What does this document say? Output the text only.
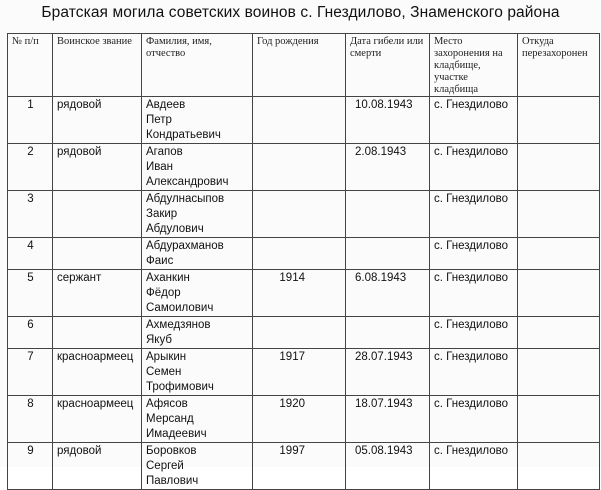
Братская могила советских воинов с. Гнездилово, Знаменского района
№ п/п	Воинское звание	Фамилия, имя, отчество	Год рождения	Дата гибели или смерти	Место захоронения на кладбище, участке кладбища	Откуда перезахоронен
1	рядовой	Авдеев
Петр
Кондратьевич		10.08.1943	с. Гнездилово	
2	рядовой	Агапов
Иван
Александрович		2.08.1943	с. Гнездилово	
3		Абдулнасыпов
Закир
Абдулович			с. Гнездилово	
4		Абдурахманов
Фаис			с. Гнездилово	
5	сержант	Аханкин
Фёдор
Самоилович	1914	6.08.1943	с. Гнездилово	
6		Ахмедзянов
Якуб			с. Гнездилово	
7	красноармеец	Арыкин
Семен
Трофимович	1917	28.07.1943	с. Гнездилово	
8	красноармеец	Афясов
Мерсанд
Имадеевич	1920	18.07.1943	с. Гнездилово	
9	рядовой	Боровков
Сергей
Павлович	1997	05.08.1943	с. Гнездилово	
